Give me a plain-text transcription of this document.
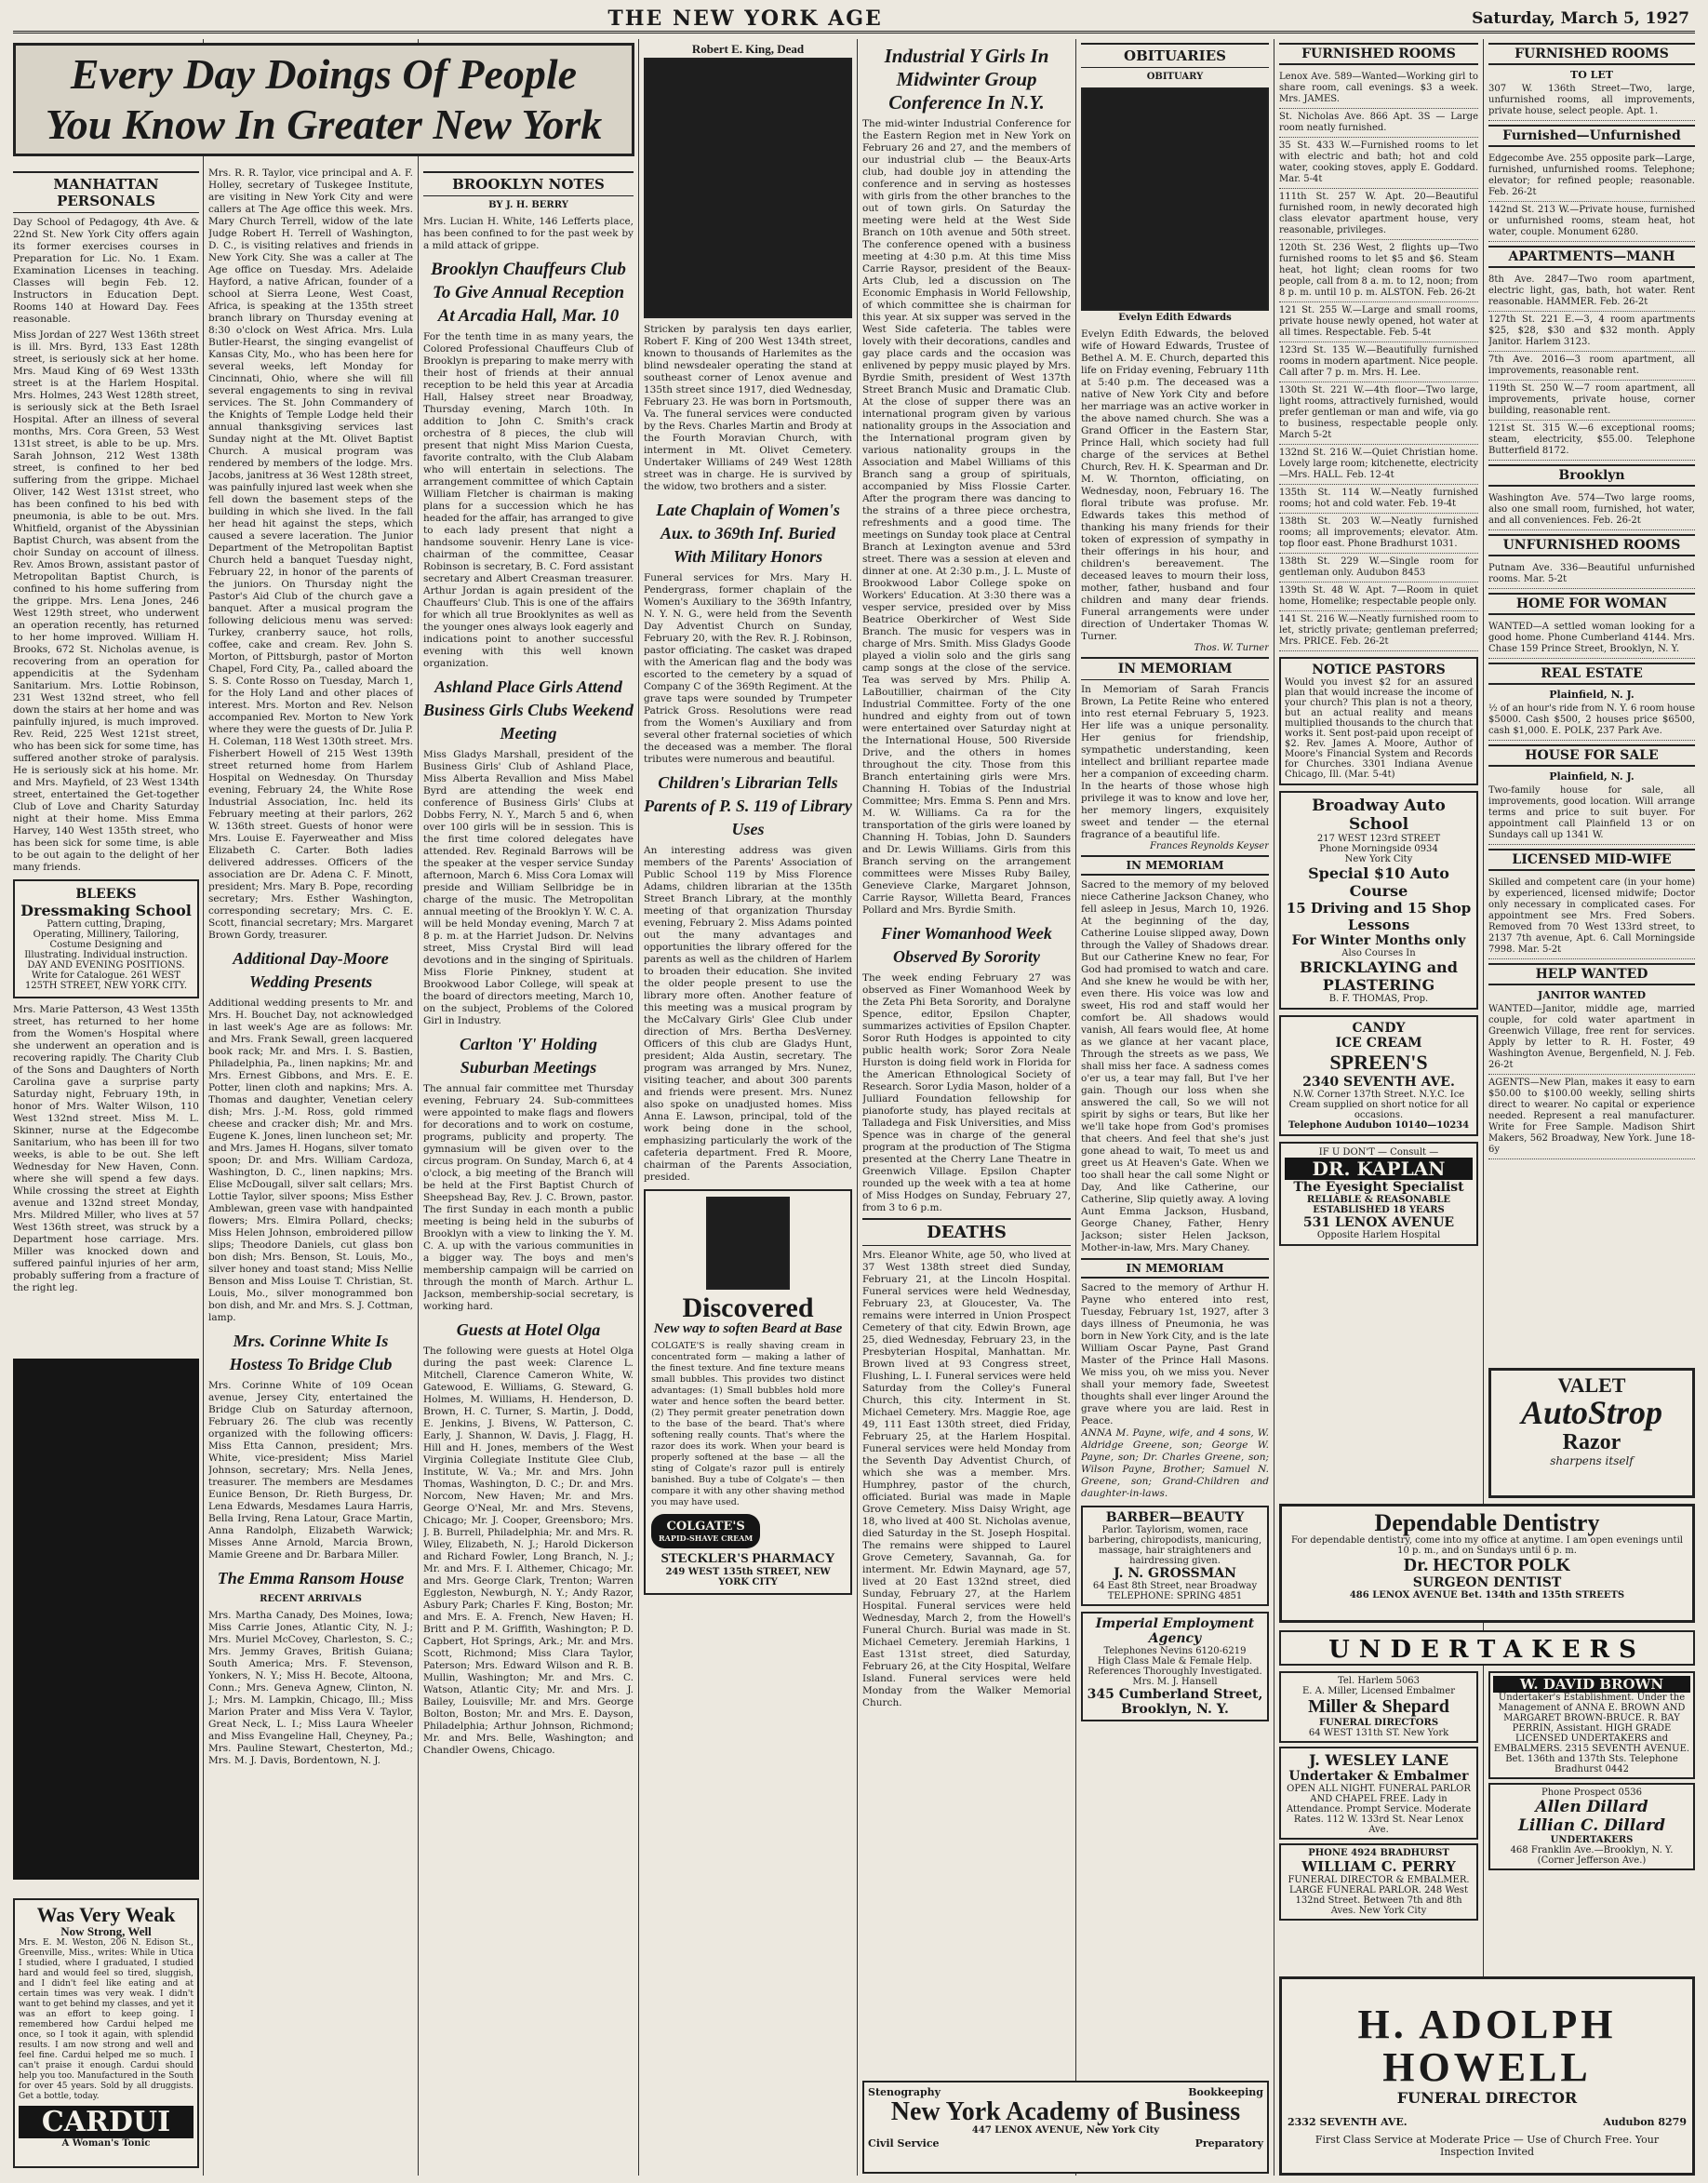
THE NEW YORK AGE	Saturday, March 5, 1927
Every Day Doings Of People
You Know In Greater New York
MANHATTAN PERSONALS

Day School of Pedagogy, 4th Ave. & 22nd St. New York City offers again its former exercises courses in Preparation for Lic. No. 1 Exam. Examination Licenses in teaching. Classes will begin Feb. 12. Instructors in Education Dept. Rooms 140 at Howard Day. Fees reasonable.

Miss Jordan of 227 West 136th street is ill. Mrs. Byrd, 133 East 128th street, is seriously sick at her home. Mrs. Maud King of 69 West 133th street is at the Harlem Hospital. Mrs. Holmes, 243 West 128th street, is seriously sick at the Beth Israel Hospital. After an illness of several months, Mrs. Cora Green, 53 West 131st street, is able to be up. Mrs. Sarah Johnson, 212 West 138th street, is confined to her bed suffering from the grippe. Michael Oliver, 142 West 131st street, who has been confined to his bed with pneumonia, is able to be out. Mrs. Whitfield, organist of the Abyssinian Baptist Church, was absent from the choir Sunday on account of illness. Rev. Amos Brown, assistant pastor of Metropolitan Baptist Church, is confined to his home suffering from the grippe. Mrs. Lena Jones, 246 West 129th street, who underwent an operation recently, has returned to her home improved. William H. Brooks, 672 St. Nicholas avenue, is recovering from an operation for appendicitis at the Sydenham Sanitarium. Mrs. Lottie Robinson, 231 West 132nd street, who fell down the stairs at her home and was painfully injured, is much improved. Rev. Reid, 225 West 121st street, who has been sick for some time, has suffered another stroke of paralysis. He is seriously sick at his home. Mr. and Mrs. Mayfield, of 23 West 134th street, entertained the Get-together Club of Love and Charity Saturday night at their home. Miss Emma Harvey, 140 West 135th street, who has been sick for some time, is able to be out again to the delight of her many friends.

BLEEKS
Dressmaking School
Pattern cutting, Draping, Operating, Millinery, Tailoring, Costume Designing and Illustrating. Individual instruction. DAY AND EVENING POSITIONS. Write for Catalogue. 261 WEST 125TH STREET, NEW YORK CITY.

Mrs. Marie Patterson, 43 West 135th street, has returned to her home from the Women's Hospital where she underwent an operation and is recovering rapidly. The Charity Club of the Sons and Daughters of North Carolina gave a surprise party Saturday night, February 19th, in honor of Mrs. Walter Wilson, 110 West 132nd street. Miss M. L. Skinner, nurse at the Edgecombe Sanitarium, who has been ill for two weeks, is able to be out. She left Wednesday for New Haven, Conn. where she will spend a few days. While crossing the street at Eighth avenue and 132nd street Monday, Mrs. Mildred Miller, who lives at 57 West 136th street, was struck by a Department hose carriage. Mrs. Miller was knocked down and suffered painful injuries of her arm, probably suffering from a fracture of the right leg.

Was Very Weak
Now Strong, Well
Mrs. E. M. Weston, 206 N. Edison St., Greenville, Miss., writes: While in Utica I studied, where I graduated, I studied hard and would feel so tired, sluggish, and I didn't feel like eating and at certain times was very weak. I didn't want to get behind my classes, and yet it was an effort to keep going. I remembered how Cardui helped me once, so I took it again, with splendid results. I am now strong and well and feel fine. Cardui helped me so much. I can't praise it enough. Cardui should help you too. Manufactured in the South for over 45 years. Sold by all druggists. Get a bottle, today.
CARDUI
A Woman's Tonic

Mrs. R. R. Taylor, vice principal and A. F. Holley, secretary of Tuskegee Institute, are visiting in New York City and were callers at The Age office this week. Mrs. Mary Church Terrell, widow of the late Judge Robert H. Terrell of Washington, D. C., is visiting relatives and friends in New York City. She was a caller at The Age office on Tuesday. Mrs. Adelaide Hayford, a native African, founder of a school at Sierra Leone, West Coast, Africa, is speaking at the 135th street branch library on Thursday evening at 8:30 o'clock on West Africa. Mrs. Lula Butler-Hearst, the singing evangelist of Kansas City, Mo., who has been here for several weeks, left Monday for Cincinnati, Ohio, where she will fill several engagements to sing in revival services. The St. John Commandery of the Knights of Temple Lodge held their annual thanksgiving services last Sunday night at the Mt. Olivet Baptist Church. A musical program was rendered by members of the lodge. Mrs. Jacobs, janitress at 36 West 128th street, was painfully injured last week when she fell down the basement steps of the building in which she lived. In the fall her head hit against the steps, which caused a severe laceration. The Junior Department of the Metropolitan Baptist Church held a banquet Tuesday night, February 22, in honor of the parents of the juniors. On Thursday night the Pastor's Aid Club of the church gave a banquet. After a musical program the following delicious menu was served: Turkey, cranberry sauce, hot rolls, coffee, cake and cream. Rev. John S. Morton, of Pittsburgh, pastor of Morton Chapel, Ford City, Pa., called aboard the S. S. Conte Rosso on Tuesday, March 1, for the Holy Land and other places of interest. Mrs. Morton and Rev. Nelson accompanied Rev. Morton to New York where they were the guests of Dr. Julia P. H. Coleman, 118 West 130th street. Mrs. Fisherbert Howell of 215 West 139th street returned home from Harlem Hospital on Wednesday. On Thursday evening, February 24, the White Rose Industrial Association, Inc. held its February meeting at their parlors, 262 W. 136th street. Guests of honor were Mrs. Louise E. Fayerweather and Miss Elizabeth C. Carter. Both ladies delivered addresses. Officers of the association are Dr. Adena C. F. Minott, president; Mrs. Mary B. Pope, recording secretary; Mrs. Esther Washington, corresponding secretary; Mrs. C. E. Scott, financial secretary; Mrs. Margaret Brown Gordy, treasurer.

Additional Day-Moore Wedding Presents

Additional wedding presents to Mr. and Mrs. H. Bouchet Day, not acknowledged in last week's Age are as follows: Mr. and Mrs. Frank Sewall, green lacquered book rack; Mr. and Mrs. I. S. Bastien, Philadelphia, Pa., linen napkins; Mr. and Mrs. Ernest Gibbons, and Mrs. E. E. Potter, linen cloth and napkins; Mrs. A. Thomas and daughter, Venetian celery dish; Mrs. J.-M. Ross, gold rimmed cheese and cracker dish; Mr. and Mrs. Eugene K. Jones, linen luncheon set; Mr. and Mrs. James H. Hogans, silver tomato spoon; Dr. and Mrs. William Cardoza, Washington, D. C., linen napkins; Mrs. Elise McDougall, silver salt cellars; Mrs. Lottie Taylor, silver spoons; Miss Esther Amblewan, green vase with handpainted flowers; Mrs. Elmira Pollard, checks; Miss Helen Johnson, embroidered pillow slips; Theodore Daniels, cut glass bon bon dish; Mrs. Benson, St. Louis, Mo., silver honey and toast stand; Miss Nellie Benson and Miss Louise T. Christian, St. Louis, Mo., silver monogrammed bon bon dish, and Mr. and Mrs. S. J. Cottman, lamp.

Mrs. Corinne White Is Hostess To Bridge Club

Mrs. Corinne White of 109 Ocean avenue, Jersey City, entertained the Bridge Club on Saturday afternoon, February 26. The club was recently organized with the following officers: Miss Etta Cannon, president; Mrs. White, vice-president; Miss Mariel Johnson, secretary; Mrs. Nella Jenes, treasurer. The members are Mesdames Eunice Benson, Dr. Rieth Burgess, Dr. Lena Edwards, Mesdames Laura Harris, Bella Irving, Rena Latour, Grace Martin, Anna Randolph, Elizabeth Warwick; Misses Anne Arnold, Marcia Brown, Mamie Greene and Dr. Barbara Miller.

The Emma Ransom House
RECENT ARRIVALS

Mrs. Martha Canady, Des Moines, Iowa; Miss Carrie Jones, Atlantic City, N. J.; Mrs. Muriel McCovey, Charleston, S. C.; Mrs. Jemmy Graves, British Guiana; South America; Mrs. F. Stevenson, Yonkers, N. Y.; Miss H. Becote, Altoona, Conn.; Mrs. Geneva Agnew, Clinton, N. J.; Mrs. M. Lampkin, Chicago, Ill.; Miss Marion Prater and Miss Vera V. Taylor, Great Neck, L. I.; Miss Laura Wheeler and Miss Evangeline Hall, Cheyney, Pa.; Mrs. Pauline Stewart, Chesterton, Md.; Mrs. M. J. Davis, Bordentown, N. J.

BROOKLYN NOTES
BY J. H. BERRY

Mrs. Lucian H. White, 146 Lefferts place, has been confined to for the past week by a mild attack of grippe.

Brooklyn Chauffeurs Club To Give Annual Reception At Arcadia Hall, Mar. 10

For the tenth time in as many years, the Colored Professional Chauffeurs Club of Brooklyn is preparing to make merry with their host of friends at their annual reception to be held this year at Arcadia Hall, Halsey street near Broadway, Thursday evening, March 10th. In addition to John C. Smith's crack orchestra of 8 pieces, the club will present that night Miss Marion Cuesta, favorite contralto, with the Club Alabam who will entertain in selections. The arrangement committee of which Captain William Fletcher is chairman is making plans for a succession which he has headed for the affair, has arranged to give to each lady present that night a handsome souvenir. Henry Lane is vice-chairman of the committee, Ceasar Robinson is secretary, B. C. Ford assistant secretary and Albert Creasman treasurer. Arthur Jordan is again president of the Chauffeurs' Club. This is one of the affairs for which all true Brooklynites as well as the younger ones always look eagerly and indications point to another successful evening with this well known organization.

Ashland Place Girls Attend Business Girls Clubs Weekend Meeting

Miss Gladys Marshall, president of the Business Girls' Club of Ashland Place, Miss Alberta Revallion and Miss Mabel Byrd are attending the week end conference of Business Girls' Clubs at Dobbs Ferry, N. Y., March 5 and 6, when over 100 girls will be in session. This is the first time colored delegates have attended. Rev. Reginald Barrows will be the speaker at the vesper service Sunday afternoon, March 6. Miss Cora Lomax will preside and William Sellbridge be in charge of the music. The Metropolitan annual meeting of the Brooklyn Y. W. C. A. will be held Monday evening, March 7 at 8 p. m. at the Harriet Judson. Dr. Nelvins street, Miss Crystal Bird will lead devotions and in the singing of Spirituals. Miss Florie Pinkney, student at Brookwood Labor College, will speak at the board of directors meeting, March 10, on the subject, Problems of the Colored Girl in Industry.

Carlton 'Y' Holding Suburban Meetings

The annual fair committee met Thursday evening, February 24. Sub-committees were appointed to make flags and flowers for decorations and to work on costume, programs, publicity and property. The gymnasium will be given over to the circus program. On Sunday, March 6, at 4 o'clock, a big meeting of the Branch will be held at the First Baptist Church of Sheepshead Bay, Rev. J. C. Brown, pastor. The first Sunday in each month a public meeting is being held in the suburbs of Brooklyn with a view to linking the Y. M. C. A. up with the various communities in a bigger way. The boys and men's membership campaign will be carried on through the month of March. Arthur L. Jackson, membership-social secretary, is working hard.

Guests at Hotel Olga

The following were guests at Hotel Olga during the past week: Clarence L. Mitchell, Clarence Cameron White, W. Gatewood, E. Williams, G. Steward, G. Holmes, M. Williams, H. Henderson, D. Brown, H. C. Turner, S. Martin, J. Dodd, E. Jenkins, J. Bivens, W. Patterson, C. Early, J. Shannon, W. Davis, J. Flagg, H. Hill and H. Jones, members of the West Virginia Collegiate Institute Glee Club, Institute, W. Va.; Mr. and Mrs. John Thomas, Washington, D. C.; Dr. and Mrs. Norcom, New Haven; Mr. and Mrs. George O'Neal, Mr. and Mrs. Stevens, Chicago; Mr. J. Cooper, Greensboro; Mrs. J. B. Burrell, Philadelphia; Mr. and Mrs. R. Wiley, Elizabeth, N. J.; Harold Dickerson and Richard Fowler, Long Branch, N. J.; Mr. and Mrs. F. I. Althemer, Chicago; Mr. and Mrs. George Clark, Trenton; Warren Eggleston, Newburgh, N. Y.; Andy Razor, Asbury Park; Charles F. King, Boston; Mr. and Mrs. E. A. French, New Haven; H. Britt and P. M. Griffith, Washington; P. D. Capbert, Hot Springs, Ark.; Mr. and Mrs. Scott, Richmond; Miss Clara Taylor, Paterson; Mrs. Edward Wilson and R. B. Mullin, Washington; Mr. and Mrs. C. Watson, Atlantic City; Mr. and Mrs. J. Bailey, Louisville; Mr. and Mrs. George Bolton, Boston; Mr. and Mrs. E. Dayson, Philadelphia; Arthur Johnson, Richmond; Mr. and Mrs. Belle, Washington; and Chandler Owens, Chicago.

Robert E. King, Dead

Stricken by paralysis ten days earlier, Robert F. King of 200 West 134th street, known to thousands of Harlemites as the blind newsdealer operating the stand at southeast corner of Lenox avenue and 135th street since 1917, died Wednesday, February 23. He was born in Portsmouth, Va. The funeral services were conducted by the Revs. Charles Martin and Brody at the Fourth Moravian Church, with interment in Mt. Olivet Cemetery. Undertaker Williams of 249 West 128th street was in charge. He is survived by the widow, two brothers and a sister.

Late Chaplain of Women's Aux. to 369th Inf. Buried With Military Honors

Funeral services for Mrs. Mary H. Pendergrass, former chaplain of the Women's Auxiliary to the 369th Infantry, N. Y. N. G., were held from the Seventh Day Adventist Church on Sunday, February 20, with the Rev. R. J. Robinson, pastor officiating. The casket was draped with the American flag and the body was escorted to the cemetery by a squad of Company C of the 369th Regiment. At the grave taps were sounded by Trumpeter Patrick Gross. Resolutions were read from the Women's Auxiliary and from several other fraternal societies of which the deceased was a member. The floral tributes were numerous and beautiful.

Children's Librarian Tells Parents of P. S. 119 of Library Uses

An interesting address was given members of the Parents' Association of Public School 119 by Miss Florence Adams, children librarian at the 135th Street Branch Library, at the monthly meeting of that organization Thursday evening, February 2. Miss Adams pointed out the many advantages and opportunities the library offered for the parents as well as the children of Harlem to broaden their education. She invited the older people present to use the library more often. Another feature of this meeting was a musical program by the McCalvary Girls' Glee Club under direction of Mrs. Bertha DesVerney. Officers of this club are Gladys Hunt, president; Alda Austin, secretary. The program was arranged by Mrs. Nunez, visiting teacher, and about 300 parents and friends were present. Mrs. Nunez also spoke on unadjusted homes. Miss Anna E. Lawson, principal, told of the work being done in the school, emphasizing particularly the work of the cafeteria department. Fred R. Moore, chairman of the Parents Association, presided.

Discovered
New way to soften Beard at Base
COLGATE'S is really shaving cream in concentrated form — making a lather of the finest texture. And fine texture means small bubbles. This provides two distinct advantages: (1) Small bubbles hold more water and hence soften the beard better. (2) They permit greater penetration down to the base of the beard. That's where softening really counts. That's where the razor does its work. When your beard is properly softened at the base — all the sting of Colgate's razor pull is entirely banished. Buy a tube of Colgate's — then compare it with any other shaving method you may have used.
COLGATE'S
RAPID-SHAVE CREAM
STECKLER'S PHARMACY
249 WEST 135th STREET, NEW YORK CITY
Industrial Y Girls In Midwinter Group Conference In N.Y.

The mid-winter Industrial Conference for the Eastern Region met in New York on February 26 and 27, and the members of our industrial club — the Beaux-Arts club, had double joy in attending the conference and in serving as hostesses with girls from the other branches to the out of town girls. On Saturday the meeting were held at the West Side Branch on 10th avenue and 50th street. The conference opened with a business meeting at 4:30 p.m. At this time Miss Carrie Raysor, president of the Beaux-Arts Club, led a discussion on The Economic Emphasis in World Fellowship, of which committee she is chairman for this year. At six supper was served in the West Side cafeteria. The tables were lovely with their decorations, candles and gay place cards and the occasion was enlivened by peppy music played by Mrs. Byrdie Smith, president of West 137th Street Branch Music and Dramatic Club. At the close of supper there was an international program given by various nationality groups in the Association and the International program given by various nationality groups in the Association and Mabel Williams of this Branch sang a group of spirituals, accompanied by Miss Flossie Carter. After the program there was dancing to the strains of a three piece orchestra, refreshments and a good time. The meetings on Sunday took place at Central Branch at Lexington avenue and 53rd street. There was a session at eleven and dinner at one. At 2:30 p.m., J. L. Muste of Brookwood Labor College spoke on Workers' Education. At 3:30 there was a vesper service, presided over by Miss Beatrice Oberkircher of West Side Branch. The music for vespers was in charge of Mrs. Smith. Miss Gladys Goode played a violin solo and the girls sang camp songs at the close of the service. Tea was served by Mrs. Philip A. LaBoutillier, chairman of the City Industrial Committee. Forty of the one hundred and eighty from out of town were entertained over Saturday night at the International House, 500 Riverside Drive, and the others in homes throughout the city. Those from this Branch entertaining girls were Mrs. Channing H. Tobias of the Industrial Committee; Mrs. Emma S. Penn and Mrs. M. W. Williams. Ca ra for the transportation of the girls were loaned by Channing H. Tobias, John D. Saunders and Dr. Lewis Williams. Girls from this Branch serving on the arrangement committees were Misses Ruby Bailey, Genevieve Clarke, Margaret Johnson, Carrie Raysor, Willetta Beard, Frances Pollard and Mrs. Byrdie Smith.

Finer Womanhood Week Observed By Sorority

The week ending February 27 was observed as Finer Womanhood Week by the Zeta Phi Beta Sorority, and Doralyne Spence, editor, Epsilon Chapter, summarizes activities of Epsilon Chapter. Soror Ruth Hodges is appointed to city public health work; Soror Zora Neale Hurston is doing field work in Florida for the American Ethnological Society of Research. Soror Lydia Mason, holder of a Julliard Foundation fellowship for pianoforte study, has played recitals at Talladega and Fisk Universities, and Miss Spence was in charge of the general program at the production of The Stigma presented at the Cherry Lane Theatre in Greenwich Village. Epsilon Chapter rounded up the week with a tea at home of Miss Hodges on Sunday, February 27, from 3 to 6 p.m.

DEATHS

Mrs. Eleanor White, age 50, who lived at 37 West 138th street died Sunday, February 21, at the Lincoln Hospital. Funeral services were held Wednesday, February 23, at Gloucester, Va. The remains were interred in Union Prospect Cemetery of that city. Edwin Brown, age 25, died Wednesday, February 23, in the Presbyterian Hospital, Manhattan. Mr. Brown lived at 93 Congress street, Flushing, L. I. Funeral services were held Saturday from the Colley's Funeral Church, this city. Interment in St. Michael Cemetery. Mrs. Maggie Roe, age 49, 111 East 130th street, died Friday, February 25, at the Harlem Hospital. Funeral services were held Monday from the Seventh Day Adventist Church, of which she was a member. Mrs. Humphrey, pastor of the church, officiated. Burial was made in Maple Grove Cemetery. Miss Daisy Wright, age 18, who lived at 400 St. Nicholas avenue, died Saturday in the St. Joseph Hospital. The remains were shipped to Laurel Grove Cemetery, Savannah, Ga. for interment. Mr. Edwin Maynard, age 57, lived at 20 East 132nd street, died Sunday, February 27, at the Harlem Hospital. Funeral services were held Wednesday, March 2, from the Howell's Funeral Church. Burial was made in St. Michael Cemetery. Jeremiah Harkins, 1 East 131st street, died Saturday, February 26, at the City Hospital, Welfare Island. Funeral services were held Monday from the Walker Memorial Church.

OBITUARIES
OBITUARY
Evelyn Edith Edwards

Evelyn Edith Edwards, the beloved wife of Howard Edwards, Trustee of Bethel A. M. E. Church, departed this life on Friday evening, February 11th at 5:40 p.m. The deceased was a native of New York City and before her marriage was an active worker in the above named church. She was a Grand Officer in the Eastern Star, Prince Hall, which society had full charge of the services at Bethel Church, Rev. H. K. Spearman and Dr. M. W. Thornton, officiating, on Wednesday, noon, February 16. The floral tribute was profuse. Mr. Edwards takes this method of thanking his many friends for their token of expression of sympathy in their offerings in his hour, and children's bereavement. The deceased leaves to mourn their loss, mother, father, husband and four children and many dear friends. Funeral arrangements were under direction of Undertaker Thomas W. Turner.

Thos. W. Turner
IN MEMORIAM

In Memoriam of Sarah Francis Brown, La Petite Reine who entered into rest eternal February 5, 1923. Her life was a unique personality. Her genius for friendship, sympathetic understanding, keen intellect and brilliant repartee made her a companion of exceeding charm. In the hearts of those whose high privilege it was to know and love her, her memory lingers, exquisitely sweet and tender — the eternal fragrance of a beautiful life.

Frances Reynolds Keyser
IN MEMORIAM

Sacred to the memory of my beloved niece Catherine Jackson Chaney, who fell asleep in Jesus, March 10, 1926. At the beginning of the day, Catherine Louise slipped away, Down through the Valley of Shadows drear. But our Catherine Knew no fear, For God had promised to watch and care. And she knew he would be with her, even there. His voice was low and sweet, His rod and staff would her comfort be. All shadows would vanish, All fears would flee, At home as we glance at her vacant place, Through the streets as we pass, We shall miss her face. A sadness comes o'er us, a tear may fall, But I've her gain. Though our loss when she answered the call, So we will not spirit by sighs or tears, But like her we'll take hope from God's promises that cheers. And feel that she's just gone ahead to wait, To meet us and greet us At Heaven's Gate. When we too shall hear the call some Night or Day, And like Catherine, our Catherine, Slip quietly away. A loving Aunt Emma Jackson, Husband, George Chaney, Father, Henry Jackson; sister Helen Jackson, Mother-in-law, Mrs. Mary Chaney.

IN MEMORIAM

Sacred to the memory of Arthur H. Payne who entered into rest, Tuesday, February 1st, 1927, after 3 days illness of Pneumonia, he was born in New York City, and is the late William Oscar Payne, Past Grand Master of the Prince Hall Masons. We miss you, oh we miss you. Never shall your memory fade, Sweetest thoughts shall ever linger Around the grave where you are laid. Rest in Peace.

ANNA M. Payne, wife, and 4 sons, W. Aldridge Greene, son; George W. Payne, son; Dr. Charles Greene, son; Wilson Payne, Brother; Samuel N. Greene, son; Grand-Children and daughter-in-laws.

BARBER—BEAUTY
Parlor. Taylorism, women, race barbering, chiropodists, manicuring, massage, hair straighteners and hairdressing given.
J. N. GROSSMAN
64 East 8th Street, near Broadway
TELEPHONE: SPRING 4851
Imperial Employment Agency
Telephones Nevins 6120-6219
High Class Male & Female Help. References Thoroughly Investigated. Mrs. M. J. Hansell
345 Cumberland Street, Brooklyn, N. Y.
Stenography	Bookkeeping
New York Academy of Business
447 LENOX AVENUE, New York City
Civil Service	Preparatory
FURNISHED ROOMS
Lenox Ave. 589—Wanted—Working girl to share room, call evenings. $3 a week. Mrs. JAMES.
St. Nicholas Ave. 866 Apt. 3S — Large room neatly furnished.
35 St. 433 W.—Furnished rooms to let with electric and bath; hot and cold water, cooking stoves, apply E. Goddard. Mar. 5-4t
111th St. 257 W. Apt. 20—Beautiful furnished room, in newly decorated high class elevator apartment house, very reasonable, privileges.
120th St. 236 West, 2 flights up—Two furnished rooms to let $5 and $6. Steam heat, hot light; clean rooms for two people, call from 8 a. m. to 12, noon; from 8 p. m. until 10 p. m. ALSTON. Feb. 26-2t
121 St. 255 W.—Large and small rooms, private house newly opened, hot water at all times. Respectable. Feb. 5-4t
123rd St. 135 W.—Beautifully furnished rooms in modern apartment. Nice people. Call after 7 p. m. Mrs. H. Lee.
130th St. 221 W.—4th floor—Two large, light rooms, attractively furnished, would prefer gentleman or man and wife, via go to business, respectable people only. March 5-2t
132nd St. 216 W.—Quiet Christian home. Lovely large room; kitchenette, electricity—Mrs. HALL. Feb. 12-4t
135th St. 114 W.—Neatly furnished rooms; hot and cold water. Feb. 19-4t
138th St. 203 W.—Neatly furnished rooms; all improvements; elevator. Atm. top floor east. Phone Bradhurst 1031.
138th St. 229 W.—Single room for gentleman only. Audubon 8453
139th St. 48 W. Apt. 7—Room in quiet home, Homelike; respectable people only.
141 St. 216 W.—Neatly furnished room to let, strictly private; gentleman preferred; Mrs. PRICE. Feb. 26-2t
NOTICE PASTORS
Would you invest $2 for an assured plan that would increase the income of your church? This plan is not a theory, but an actual reality and means multiplied thousands to the church that works it. Sent post-paid upon receipt of $2. Rev. James A. Moore, Author of Moore's Financial System and Records for Churches. 3301 Indiana Avenue Chicago, Ill. (Mar. 5-4t)
Broadway Auto School
217 WEST 123rd STREET
Phone Morningside 0934
New York City
Special $10 Auto Course
15 Driving and 15 Shop Lessons
For Winter Months only
Also Courses In
BRICKLAYING and PLASTERING
B. F. THOMAS, Prop.
CANDY
ICE CREAM
SPREEN'S
2340 SEVENTH AVE.
N.W. Corner 137th Street. N.Y.C. Ice Cream supplied on short notice for all occasions.
Telephone Audubon 10140—10234
IF U DON'T — Consult —
DR. KAPLAN
The Eyesight Specialist
RELIABLE & REASONABLE
ESTABLISHED 18 YEARS
531 LENOX AVENUE
Opposite Harlem Hospital
Dependable Dentistry
For dependable dentistry, come into my office at anytime. I am open evenings until 10 p. m., and on Sundays until 6 p. m.
Dr. HECTOR POLK
SURGEON DENTIST
486 LENOX AVENUE Bet. 134th and 135th STREETS
UNDERTAKERS
Tel. Harlem 5063
E. A. Miller, Licensed Embalmer
Miller & Shepard
FUNERAL DIRECTORS
64 WEST 131th ST. New York
J. WESLEY LANE
Undertaker & Embalmer
OPEN ALL NIGHT. FUNERAL PARLOR AND CHAPEL FREE. Lady in Attendance. Prompt Service. Moderate Rates. 112 W. 133rd St. Near Lenox Ave.
PHONE 4924 BRADHURST
WILLIAM C. PERRY
FUNERAL DIRECTOR & EMBALMER. LARGE FUNERAL PARLOR. 248 West 132nd Street. Between 7th and 8th Aves. New York City
FURNISHED ROOMS
TO LET
307 W. 136th Street—Two, large, unfurnished rooms, all improvements, private house, select people. Apt. 1.
Furnished—Unfurnished
Edgecombe Ave. 255 opposite park—Large, furnished, unfurnished rooms. Telephone; elevator; for refined people; reasonable. Feb. 26-2t
142nd St. 213 W.—Private house, furnished or unfurnished rooms, steam heat, hot water, couple. Monument 6280.
APARTMENTS—MANH
8th Ave. 2847—Two room apartment, electric light, gas, bath, hot water. Rent reasonable. HAMMER. Feb. 26-2t
127th St. 221 E.—3, 4 room apartments $25, $28, $30 and $32 month. Apply Janitor. Harlem 3123.
7th Ave. 2016—3 room apartment, all improvements, reasonable rent.
119th St. 250 W.—7 room apartment, all improvements, private house, corner building, reasonable rent.
121st St. 315 W.—6 exceptional rooms; steam, electricity, $55.00. Telephone Butterfield 8172.
Brooklyn
Washington Ave. 574—Two large rooms, also one small room, furnished, hot water, and all conveniences. Feb. 26-2t
UNFURNISHED ROOMS
Putnam Ave. 336—Beautiful unfurnished rooms. Mar. 5-2t
HOME FOR WOMAN
WANTED—A settled woman looking for a good home. Phone Cumberland 4144. Mrs. Chase 159 Prince Street, Brooklyn, N. Y.
REAL ESTATE
Plainfield, N. J.
½ of an hour's ride from N. Y. 6 room house $5000. Cash $500, 2 houses price $6500, cash $1,000. E. POLK, 237 Park Ave.
HOUSE FOR SALE
Plainfield, N. J.
Two-family house for sale, all improvements, good location. Will arrange terms and price to suit buyer. For appointment call Plainfield 13 or on Sundays call up 1341 W.
LICENSED MID-WIFE
Skilled and competent care (in your home) by experienced, licensed midwife; Doctor only necessary in complicated cases. For appointment see Mrs. Fred Sobers. Removed from 70 West 133rd street, to 2137 7th avenue, Apt. 6. Call Morningside 7998. Mar. 5-2t
HELP WANTED
JANITOR WANTED
WANTED—Janitor, middle age, married couple, for cold water apartment in Greenwich Village, free rent for services. Apply by letter to R. H. Foster, 49 Washington Avenue, Bergenfield, N. J. Feb. 26-2t
AGENTS—New Plan, makes it easy to earn $50.00 to $100.00 weekly, selling shirts direct to wearer. No capital or experience needed. Represent a real manufacturer. Write for Free Sample. Madison Shirt Makers, 562 Broadway, New York. June 18-6y
VALET
AutoStrop
Razor
sharpens itself
W. DAVID BROWN
Undertaker's Establishment. Under the Management of ANNA E. BROWN AND MARGARET BROWN-BRUCE. R. BAY PERRIN, Assistant. HIGH GRADE LICENSED UNDERTAKERS and EMBALMERS. 2315 SEVENTH AVENUE. Bet. 136th and 137th Sts. Telephone Bradhurst 0442
Phone Prospect 0536
Allen Dillard
Lillian C. Dillard
UNDERTAKERS
468 Franklin Ave.—Brooklyn, N. Y.
(Corner Jefferson Ave.)
H. ADOLPH HOWELL
FUNERAL DIRECTOR
2332 SEVENTH AVE.	Audubon 8279
First Class Service at Moderate Price — Use of Church Free. Your Inspection Invited
